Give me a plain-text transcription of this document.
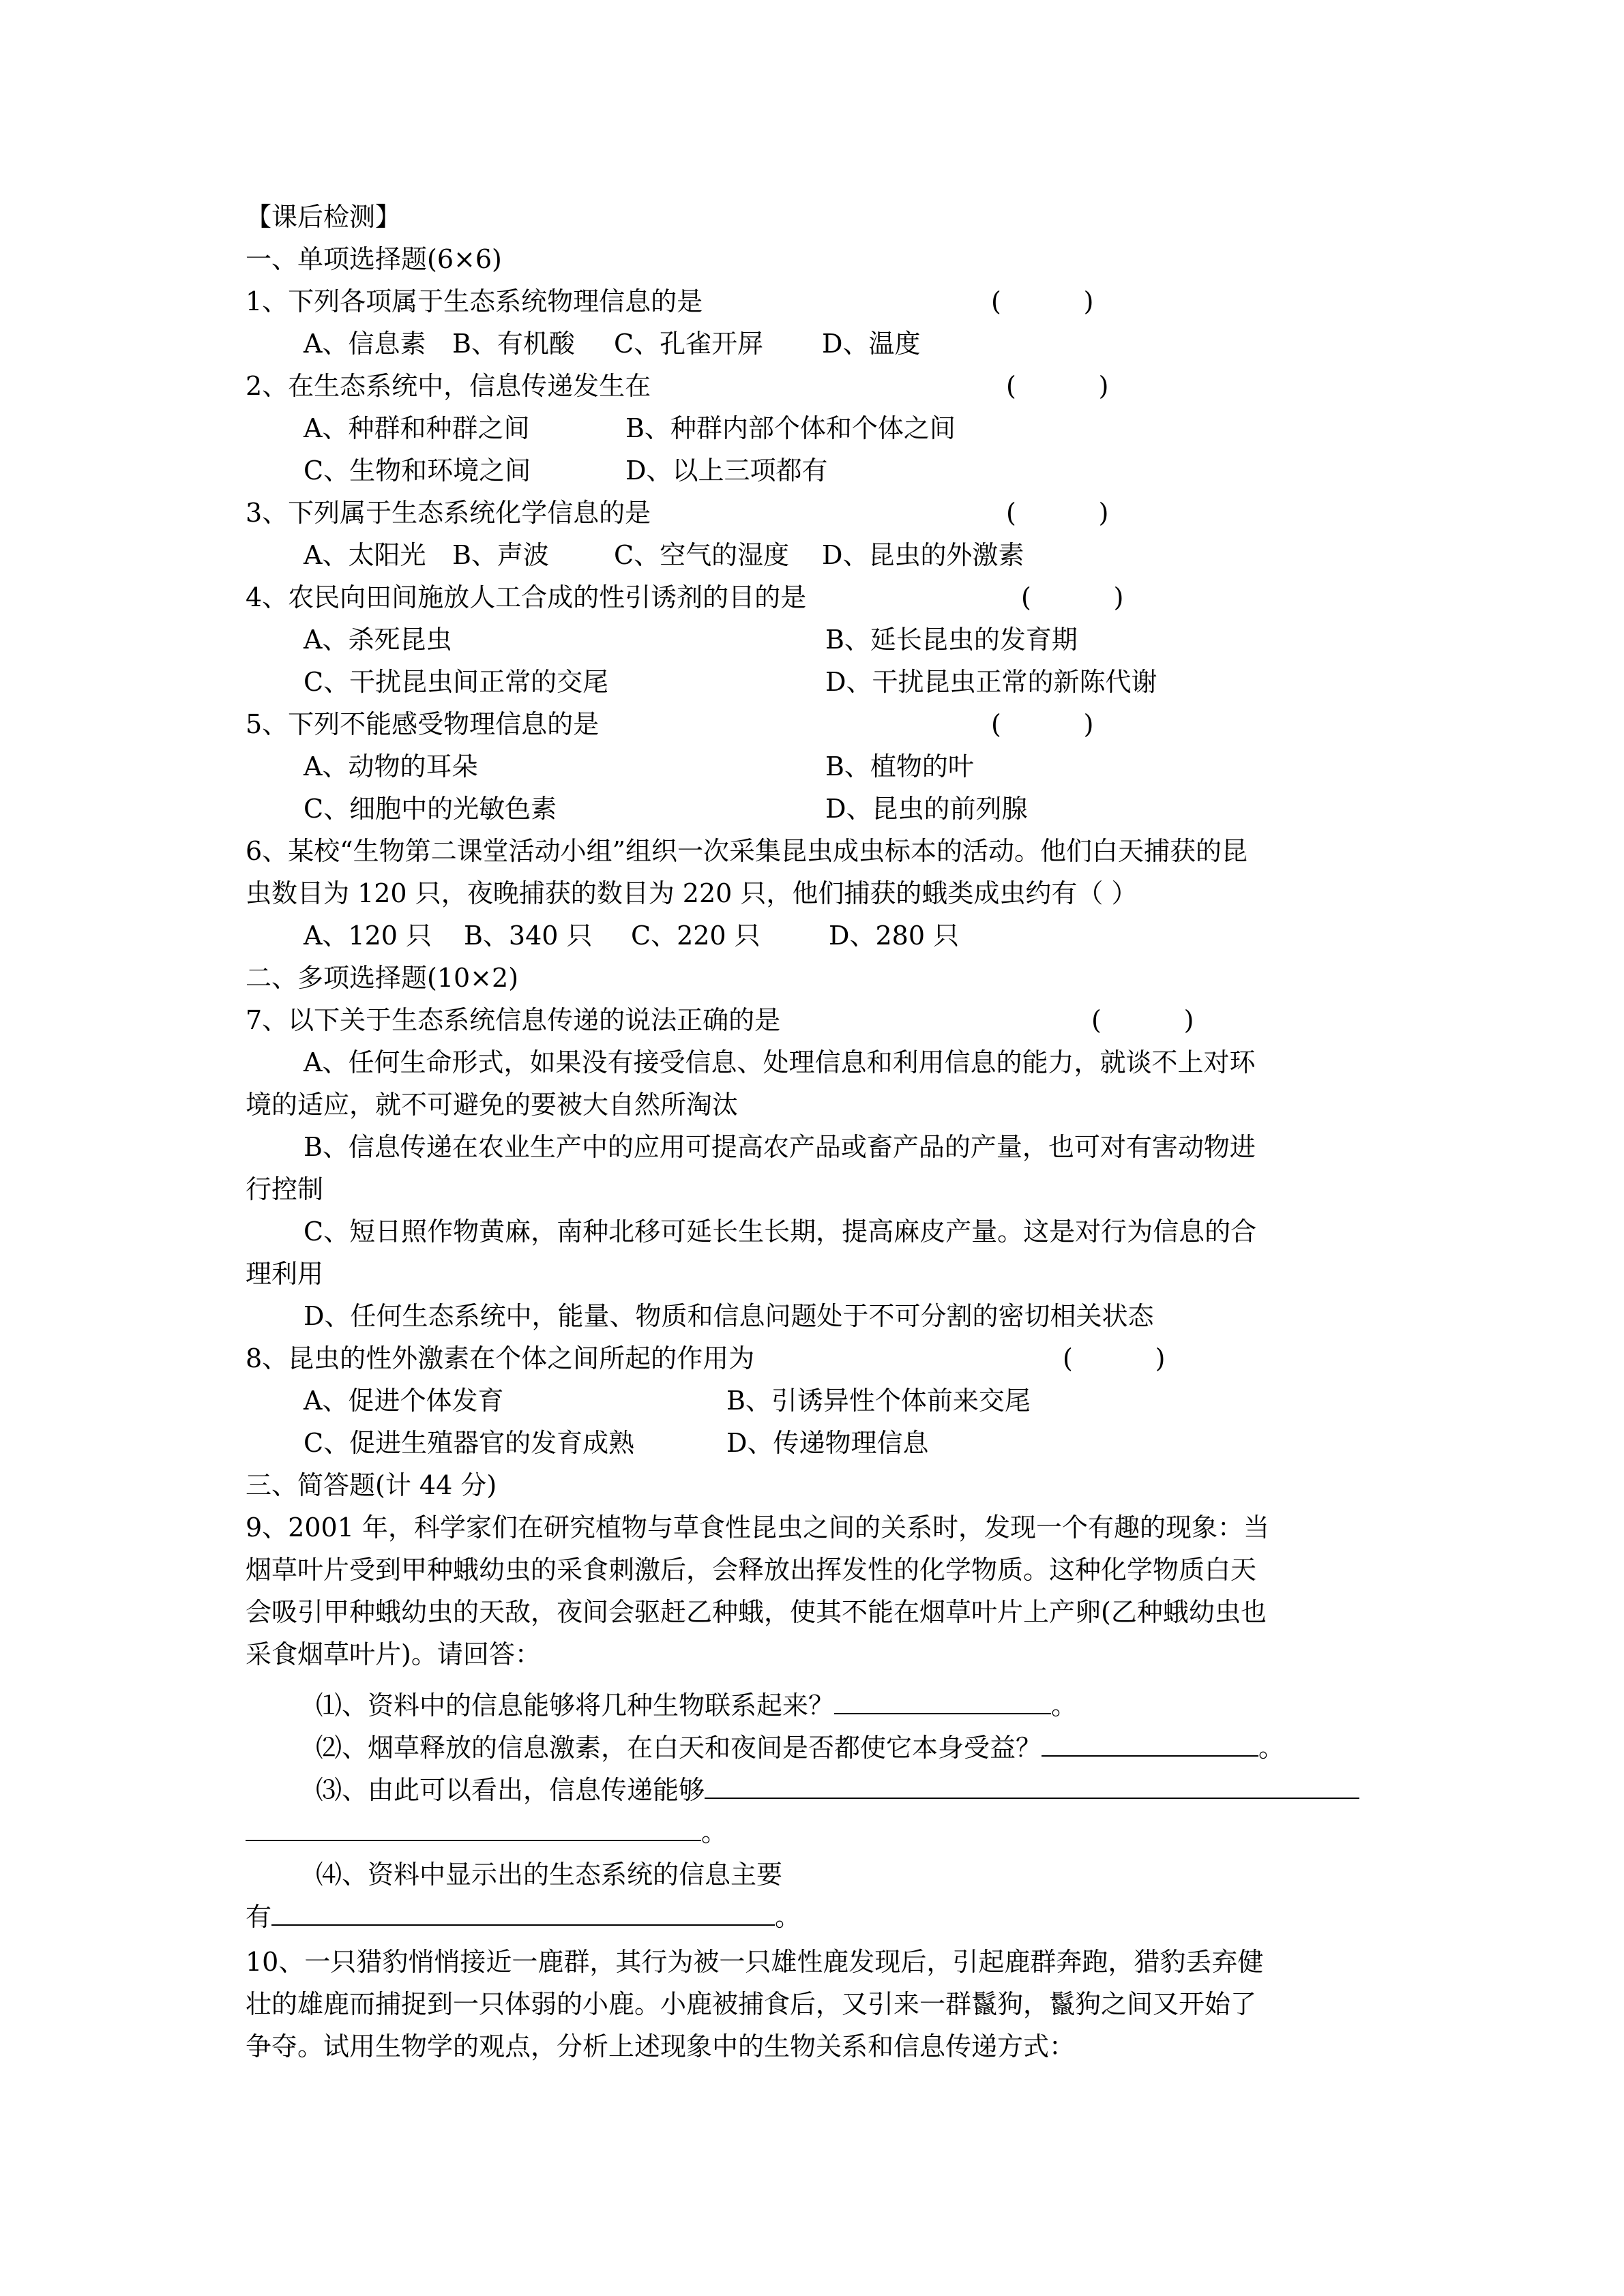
【课后检测】
一、单项选择题(6×6)
1、下列各项属于生态系统物理信息的是	(          )
A、信息素 B、有机酸 C、孔雀开屏 D、温度
2、在生态系统中，信息传递发生在	(          )
A、种群和种群之间	B、种群内部个体和个体之间
C、生物和环境之间	D、以上三项都有
3、下列属于生态系统化学信息的是	(          )
A、太阳光 B、声波	C、空气的湿度 D、昆虫的外激素
4、农民向田间施放人工合成的性引诱剂的目的是	(          )
A、杀死昆虫	B、延长昆虫的发育期
C、干扰昆虫间正常的交尾	D、干扰昆虫正常的新陈代谢
5、下列不能感受物理信息的是	(          )
A、动物的耳朵	B、植物的叶
C、细胞中的光敏色素	D、昆虫的前列腺
6、某校“生物第二课堂活动小组”组织一次采集昆虫成虫标本的活动。他们白天捕获的昆
虫数目为 120 只，夜晚捕获的数目为 220 只，他们捕获的蛾类成虫约有（ ）
A、120 只 B、340 只 C、220 只	D、280 只
二、多项选择题(10×2)
7、以下关于生态系统信息传递的说法正确的是	(          )
A、任何生命形式，如果没有接受信息、处理信息和利用信息的能力，就谈不上对环
境的适应，就不可避免的要被大自然所淘汰
B、信息传递在农业生产中的应用可提高农产品或畜产品的产量，也可对有害动物进
行控制
C、短日照作物黄麻，南种北移可延长生长期，提高麻皮产量。这是对行为信息的合
理利用
D、任何生态系统中，能量、物质和信息问题处于不可分割的密切相关状态
8、昆虫的性外激素在个体之间所起的作用为	(          )
A、促进个体发育	B、引诱异性个体前来交尾
C、促进生殖器官的发育成熟	D、传递物理信息
三、简答题(计 44 分)
9、2001 年，科学家们在研究植物与草食性昆虫之间的关系时，发现一个有趣的现象：当
烟草叶片受到甲种蛾幼虫的采食刺激后，会释放出挥发性的化学物质。这种化学物质白天
会吸引甲种蛾幼虫的天敌，夜间会驱赶乙种蛾，使其不能在烟草叶片上产卵(乙种蛾幼虫也
采食烟草叶片)。请回答：
⑴、资料中的信息能够将几种生物联系起来？	。
⑵、烟草释放的信息激素，在白天和夜间是否都使它本身受益？	。
⑶、由此可以看出，信息传递能够
。
⑷、资料中显示出的生态系统的信息主要
有	。
10、一只猎豹悄悄接近一鹿群，其行为被一只雄性鹿发现后，引起鹿群奔跑，猎豹丢弃健
壮的雄鹿而捕捉到一只体弱的小鹿。小鹿被捕食后，又引来一群鬣狗，鬣狗之间又开始了
争夺。试用生物学的观点，分析上述现象中的生物关系和信息传递方式：
